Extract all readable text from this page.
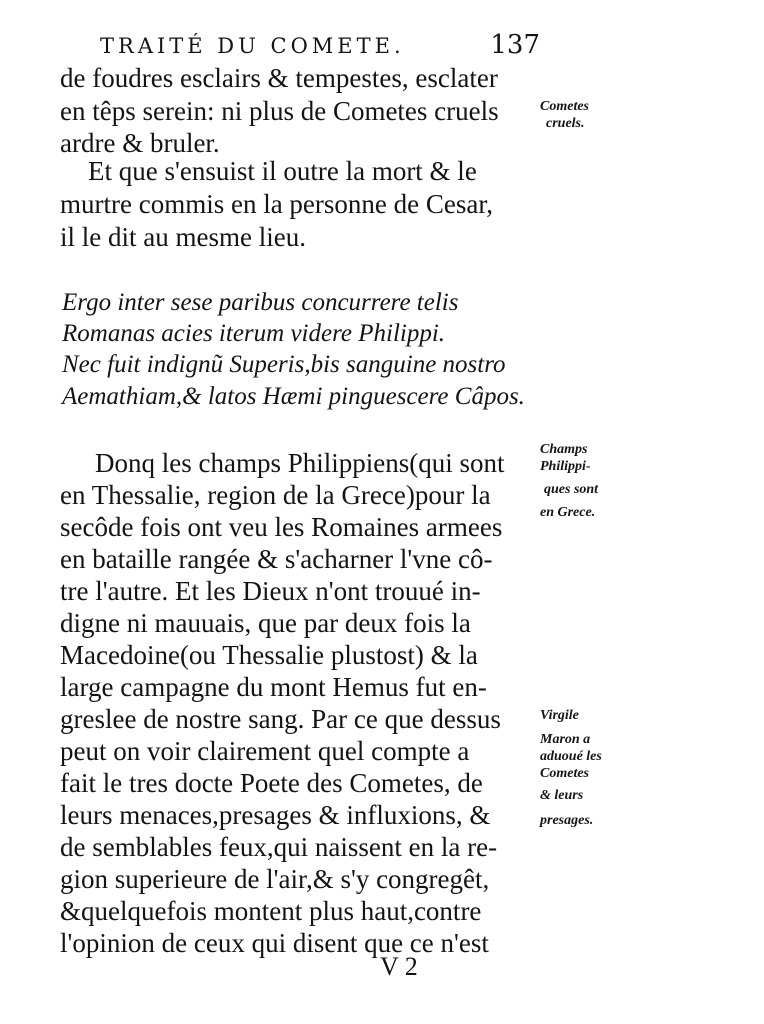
TRAITÉ DU COMETE.	137
de foudres esclairs & tempestes, esclater
en têps serein: ni plus de Cometes cruels
ardre & bruler.
Et que s'ensuist il outre la mort & le
murtre commis en la personne de Cesar,
il le dit au mesme lieu.
Ergo inter sese paribus concurrere telis
Romanas acies iterum videre Philippi.
Nec fuit indignũ Superis,bis sanguine nostro
Aemathiam,& latos Hæmi pinguescere Câpos.
Donq les champs Philippiens(qui sont
en Thessalie, region de la Grece)pour la
secôde fois ont veu les Romaines armees
en bataille rangée & s'acharner l'vne cô-
tre l'autre. Et les Dieux n'ont trouué in-
digne ni mauuais, que par deux fois la
Macedoine(ou Thessalie plustost) & la
large campagne du mont Hemus fut en-
greslee de nostre sang. Par ce que dessus
peut on voir clairement quel compte a
fait le tres docte Poete des Cometes, de
leurs menaces,presages & influxions, &
de semblables feux,qui naissent en la re-
gion superieure de l'air,& s'y congregêt,
&quelquefois montent plus haut,contre
l'opinion de ceux qui disent que ce n'est
Cometes
cruels.
Champs
Philippi-
ques sont
en Grece.
Virgile
Maron a
aduoué les
Cometes
& leurs
presages.
V 2
